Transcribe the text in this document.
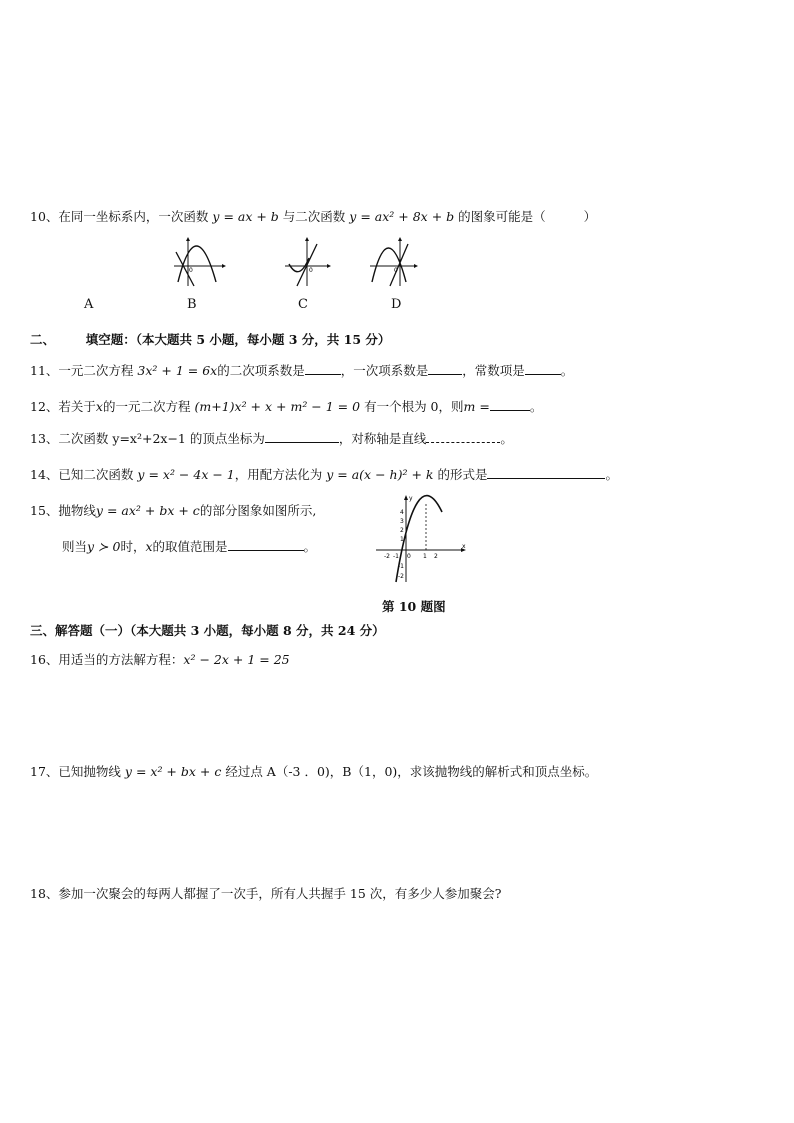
10、在同一坐标系内，一次函数 y = ax + b 与二次函数 y = ax² + 8x + b 的图象可能是（	）
0	0	0
A	B	C	D
二、 填空题：（本大题共 5 小题，每小题 3 分，共 15 分）
11、一元二次方程 3x² + 1 = 6x的二次项系数是	，一次项系数是	，常数项是	。
12、若关于x的一元二次方程 (m+1)x² + x + m² − 1 = 0 有一个根为 0，则m =	。
13、二次函数 y=x²+2x−1 的顶点坐标为	，对称轴是直线	。
14、已知二次函数 y = x² − 4x − 1，用配方法化为 y = a(x − h)² + k 的形式是	。
15、抛物线y = ax² + bx + c的部分图象如图所示,
则当y ≻ 0时，x的取值范围是	。
y
x
-2 -1 0 1 2
4
3
2
1
-1
-2
第 10 题图
三、解答题（一）（本大题共 3 小题，每小题 8 分，共 24 分）
16、用适当的方法解方程：x² − 2x + 1 = 25
17、已知抛物线 y = x² + bx + c 经过点 A（-3 ．0)，B（1，0)，求该抛物线的解析式和顶点坐标。
18、参加一次聚会的每两人都握了一次手，所有人共握手 15 次，有多少人参加聚会?
